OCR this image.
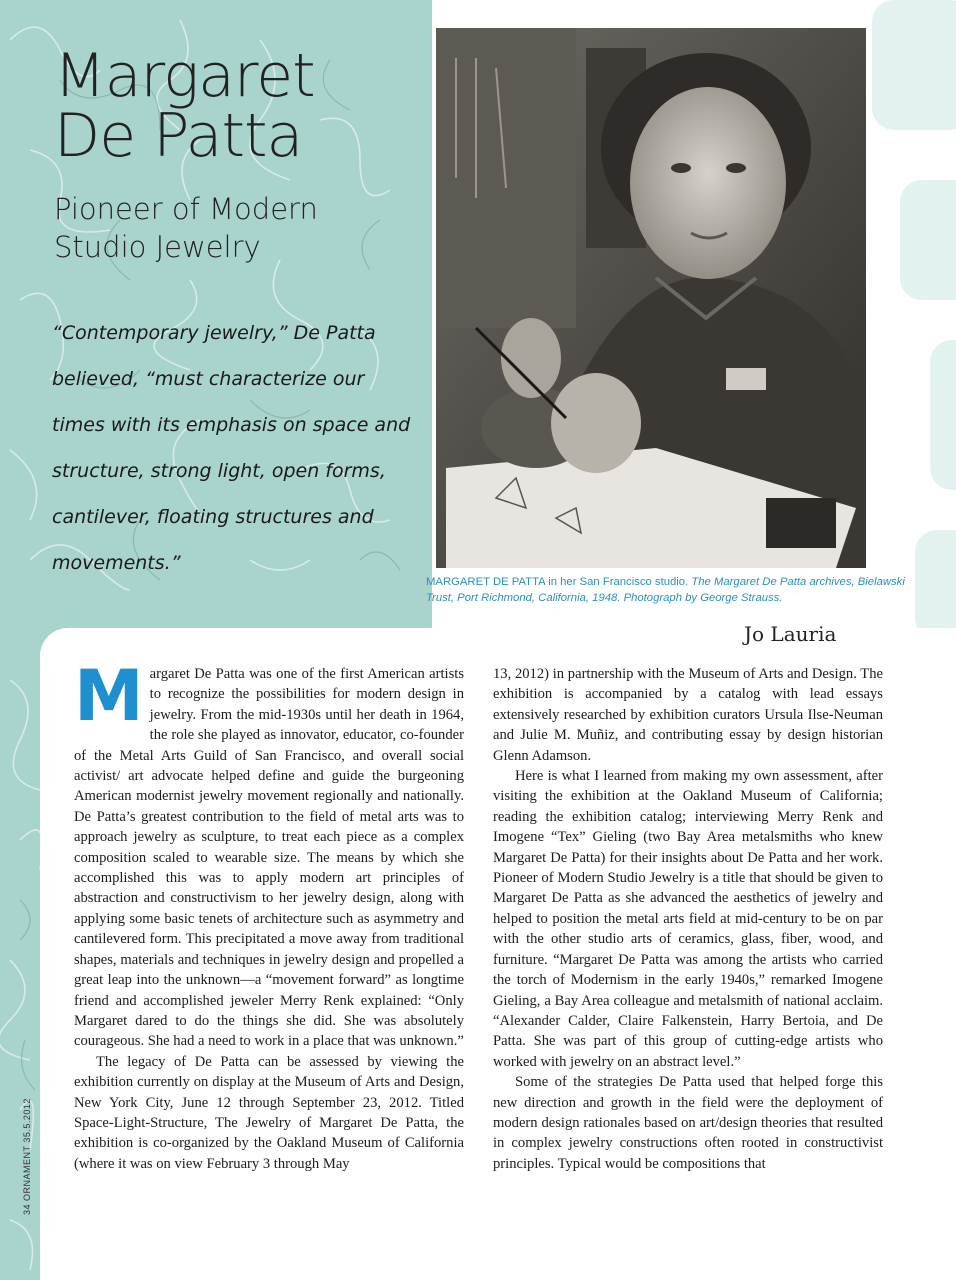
Margaret
De Patta
Pioneer of Modern
Studio Jewelry
“Contemporary jewelry,” De Patta believed, “must characterize our times with its emphasis on space and structure, strong light, open forms, cantilever, floating structures and movements.”
MARGARET DE PATTA in her San Francisco studio. The Margaret De Patta archives, Bielawski Trust, Port Richmond, California, 1948. Photograph by George Strauss.
Jo Lauria

Margaret De Patta was one of the first American artists to recognize the possibilities for modern design in jewelry. From the mid-1930s until her death in 1964, the role she played as innovator, educator, co-founder of the Metal Arts Guild of San Francisco, and overall social activist/ art advocate helped define and guide the burgeoning American modernist jewelry movement regionally and nationally. De Patta’s greatest contribution to the field of metal arts was to approach jewelry as sculpture, to treat each piece as a complex composition scaled to wearable size. The means by which she accomplished this was to apply modern art principles of abstraction and constructivism to her jewelry design, along with applying some basic tenets of architecture such as asymmetry and cantilevered form. This precipitated a move away from traditional shapes, materials and techniques in jewelry design and propelled a great leap into the unknown—a “movement forward” as longtime friend and accomplished jeweler Merry Renk explained: “Only Margaret dared to do the things she did. She was absolutely courageous. She had a need to work in a place that was unknown.”

The legacy of De Patta can be assessed by viewing the exhibition currently on display at the Museum of Arts and Design, New York City, June 12 through September 23, 2012. Titled Space-Light-Structure, The Jewelry of Margaret De Patta, the exhibition is co-organized by the Oakland Museum of California (where it was on view February 3 through May

13, 2012) in partnership with the Museum of Arts and Design. The exhibition is accompanied by a catalog with lead essays extensively researched by exhibition curators Ursula Ilse-Neuman and Julie M. Muñiz, and contributing essay by design historian Glenn Adamson.

Here is what I learned from making my own assessment, after visiting the exhibition at the Oakland Museum of California; reading the exhibition catalog; interviewing Merry Renk and Imogene “Tex” Gieling (two Bay Area metalsmiths who knew Margaret De Patta) for their insights about De Patta and her work. Pioneer of Modern Studio Jewelry is a title that should be given to Margaret De Patta as she advanced the aesthetics of jewelry and helped to position the metal arts field at mid-century to be on par with the other studio arts of ceramics, glass, fiber, wood, and furniture. “Margaret De Patta was among the artists who carried the torch of Modernism in the early 1940s,” remarked Imogene Gieling, a Bay Area colleague and metalsmith of national acclaim. “Alexander Calder, Claire Falkenstein, Harry Bertoia, and De Patta. She was part of this group of cutting-edge artists who worked with jewelry on an abstract level.”

Some of the strategies De Patta used that helped forge this new direction and growth in the field were the deployment of modern design rationales based on art/design theories that resulted in complex jewelry constructions often rooted in constructivist principles. Typical would be compositions that

34 ORNAMENT 35.5.2012
